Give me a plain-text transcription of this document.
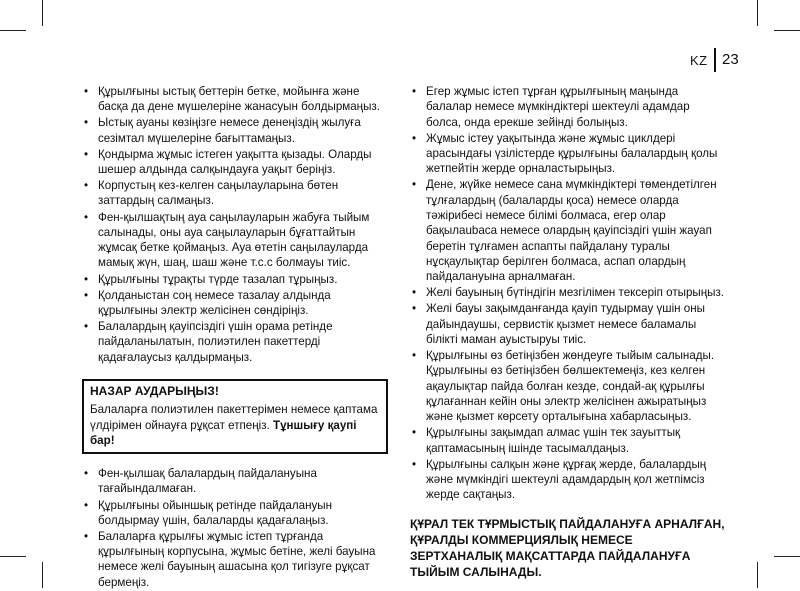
KZ 23
• Құрылғыны ыстық беттерін бетке, мойынға және басқа да дене мүшелеріне жанасуын болдырмаңыз.
• Ыстық ауаны көзіңізге немесе денеңіздің жылуға сезімтал мүшелеріне бағыттамаңыз.
• Қондырма жұмыс істеген уақытта қызады. Оларды шешер алдында салқындауға уақыт беріңіз.
• Корпустың кез-келген саңылауларына бөтен заттардың салмаңыз.
• Фен-қылшақтың ауа саңылауларын жабуға тыйым салынады, оны ауа саңылауларын бұғаттайтын жұмсақ бетке қоймаңыз. Ауа өтетін саңылауларда мамық жүн, шаң, шаш және т.с.с болмауы тиіс.
• Құрылғыны тұрақты түрде тазалап тұрыңыз.
• Қолданыстан соң немесе тазалау алдында құрылғыны электр желісінен сөндіріңіз.
• Балалардың қауіпсіздігі үшін орама ретінде пайдаланылатын, полиэтилен пакеттерді қадағалаусыз қалдырмаңыз.
НАЗАР АУДАРЫҢЫЗ!
Балаларға полиэтилен пакеттерімен немесе қаптама үлдірімен ойнауға рұқсат етпеңіз. Тұншығу қаупі бар!
• Фен-қылшақ балалардың пайдалануына тағайындалмаған.
• Құрылғыны ойыншық ретінде пайдалануын болдырмау үшін, балаларды қадағалаңыз.
• Балаларға құрылғы жұмыс істеп тұрғанда құрылғының корпусына, жұмыс бетіне, желі бауына немесе желі бауының ашасына қол тигізуге рұқсат бермеңіз.
• Егер жұмыс істеп тұрған құрылғының маңында балалар немесе мүмкіндіктері шектеулі адамдар болса, онда ерекше зейінді болыңыз.
• Жұмыс істеу уақытында және жұмыс циклдері арасындағы үзілістерде құрылғыны балалардың қолы жетпейтін жерде орналастырыңыз.
• Дене, жүйке немесе сана мүмкіндіктері төмендетілген тұлғалардың (балаларды қоса) немесе оларда тәжірибесі немесе білімі болмаса, егер олар бақылаubaса немесе олардың қауіпсіздігі үшін жауап беретін тұлғамен аспапты пайдалану туралы нұсқаулықтар берілген болмаса, аспап олардың пайдалануына арналмаған.
• Желі бауының бүтіндігін мезгілімен тексеріп отырыңыз.
• Желі бауы зақымданғанда қауіп тудырмау үшін оны дайындаушы, сервистік қызмет немесе баламалы білікті маман ауыстыруы тиіс.
• Құрылғыны өз бетіңізбен жөндеуге тыйым салынады. Құрылғыны өз бетіңізбен бөлшектемеңіз, кез келген ақаулықтар пайда болған кезде, сондай-ақ құрылғы құлағаннан кейін оны электр желісінен ажыратыңыз және қызмет көрсету орталығына хабарласыңыз.
• Құрылғыны зақымдап алмас үшін тек зауыттық қаптамасының ішінде тасымалдаңыз.
• Құрылғыны салқын және құрғақ жерде, балалардың және мүмкіндігі шектеулі адамдардың қол жетпімсіз жерде сақтаңыз.
ҚҰРАЛ ТЕК ТҰРМЫСТЫҚ ПАЙДАЛАНУҒА АРНАЛҒАН, ҚҰРАЛДЫ КОММЕРЦИЯЛЫҚ НЕМЕСЕ ЗЕРТХАНАЛЫҚ МАҚСАТТАРДА ПАЙДАЛАНУҒА ТЫЙЫМ САЛЫНАДЫ.
